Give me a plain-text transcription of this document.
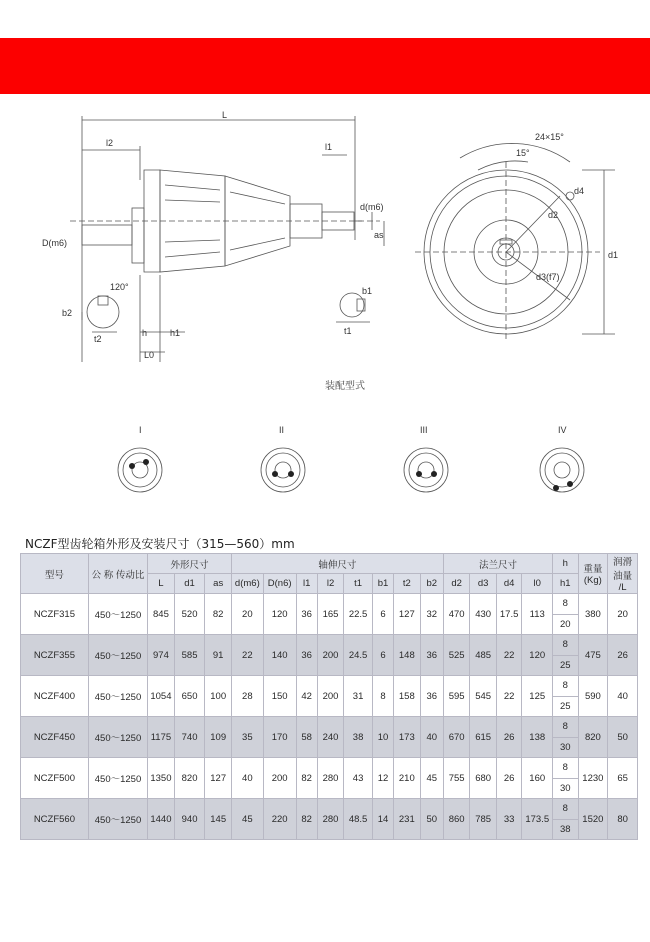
L
l2	l1
D(m6)
d(m6)
as
b1
t1
b2
t2
h	h1
L0
120°
24×15°
15°
d4
d2
d3(f7)
d1
I	II	III	IV
装配型式
NCZF型齿轮箱外形及安装尺寸（315—560）mm
型号	公 称 传动比	外形尺寸			轴伸尺寸								法兰尺寸				h	重量 (Kg)	润滑 油量 /L
		L	d1	as	d(m6)	D(n6)	l1	l2	t1	b1	t2	b2	d2	d3	d4	l0	h1		
NCZF315	450～1250	845	520	82	20	120	36	165	22.5	6	127	32	470	430	17.5	113	8	380	20
																	20		
NCZF355	450～1250	974	585	91	22	140	36	200	24.5	6	148	36	525	485	22	120	8	475	26
																	25		
NCZF400	450～1250	1054	650	100	28	150	42	200	31	8	158	36	595	545	22	125	8	590	40
																	25		
NCZF450	450～1250	1175	740	109	35	170	58	240	38	10	173	40	670	615	26	138	8	820	50
																	30		
NCZF500	450～1250	1350	820	127	40	200	82	280	43	12	210	45	755	680	26	160	8	1230	65
																	30		
NCZF560	450～1250	1440	940	145	45	220	82	280	48.5	14	231	50	860	785	33	173.5	8	1520	80
																	38		
